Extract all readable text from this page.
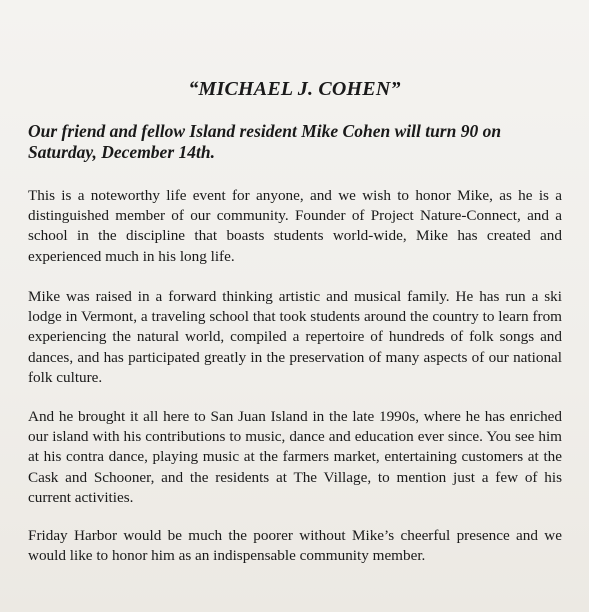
“MICHAEL J. COHEN”
Our friend and fellow Island resident Mike Cohen will turn 90 on Saturday, December 14th.
This is a noteworthy life event for anyone, and we wish to honor Mike, as he is a distinguished member of our community. Founder of Project Nature-Connect, and a school in the discipline that boasts students world-wide, Mike has created and experienced much in his long life.
Mike was raised in a forward thinking artistic and musical family. He has run a ski lodge in Vermont, a traveling school that took students around the country to learn from experiencing the natural world, compiled a repertoire of hundreds of folk songs and dances, and has participated greatly in the preservation of many aspects of our national folk culture.
And he brought it all here to San Juan Island in the late 1990s, where he has enriched our island with his contributions to music, dance and education ever since. You see him at his contra dance, playing music at the farmers market, entertaining customers at the Cask and Schooner, and the residents at The Village, to mention just a few of his current activities.
Friday Harbor would be much the poorer without Mike’s cheerful presence and we would like to honor him as an indispensable community member.
